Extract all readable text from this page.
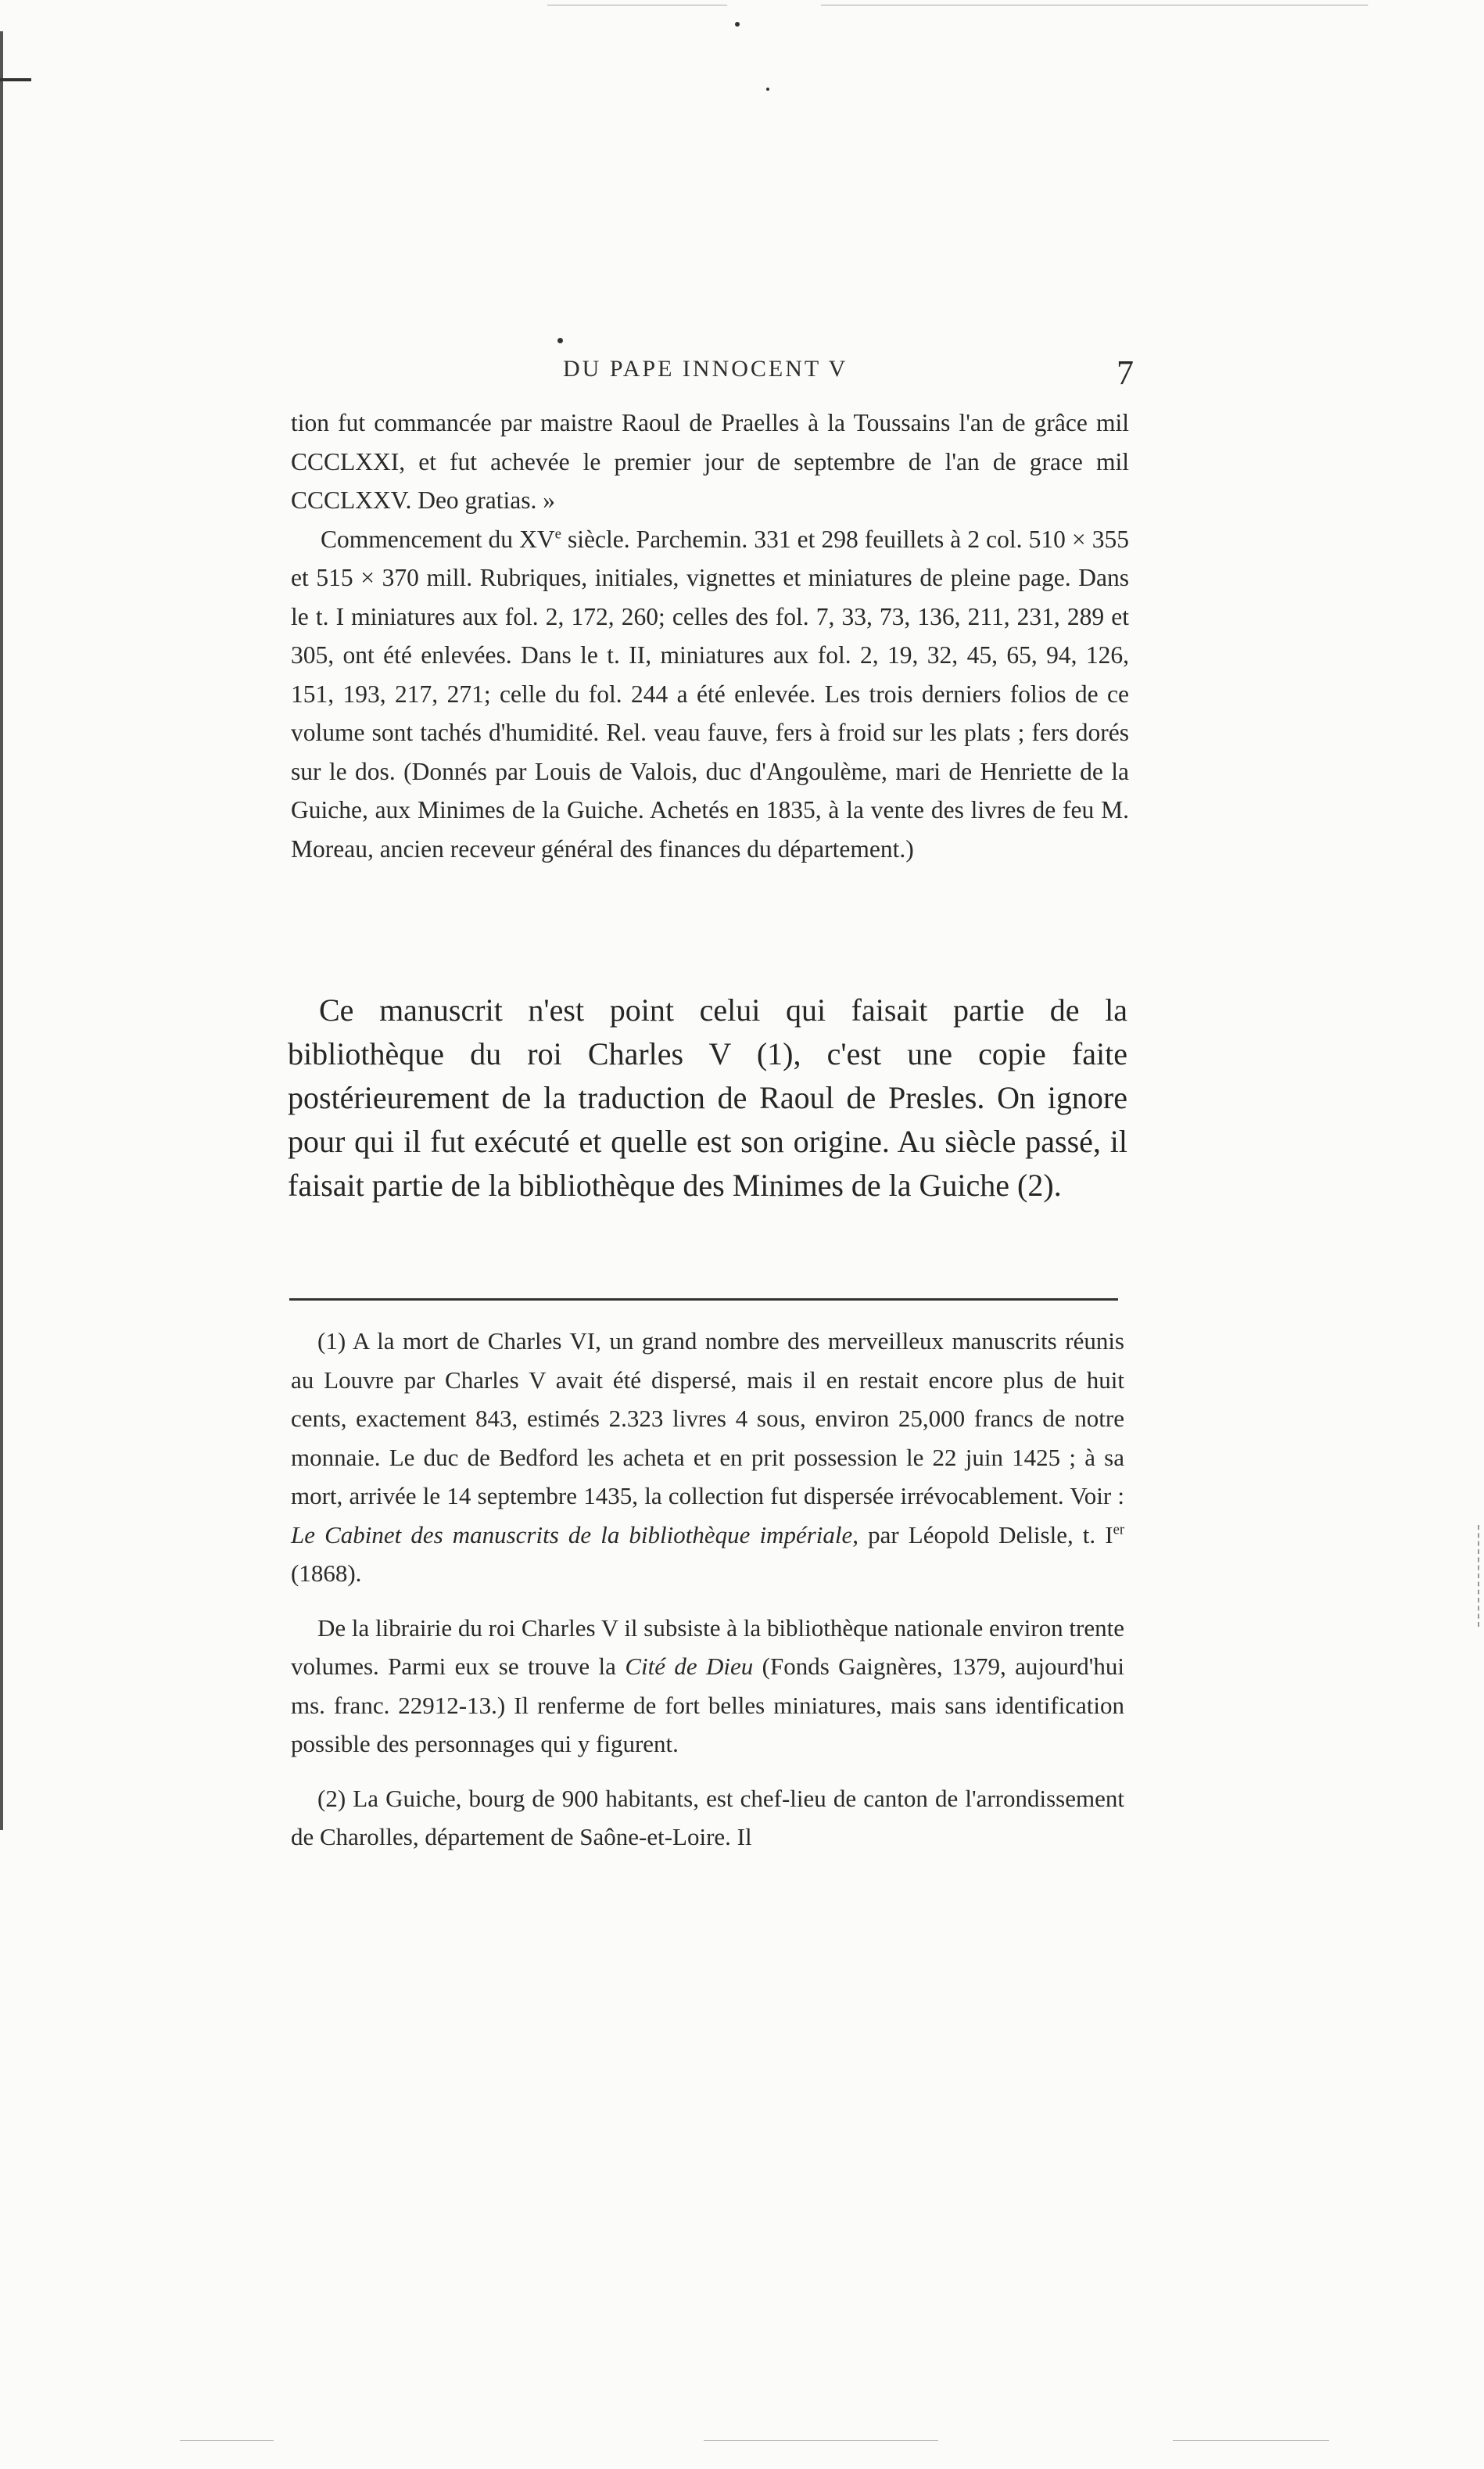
DU PAPE INNOCENT V	7

tion fut commancée par maistre Raoul de Praelles à la Toussains l'an de grâce mil CCCLXXI, et fut achevée le premier jour de septembre de l'an de grace mil CCCLXXV. Deo gratias. »

Commencement du XVe siècle. Parchemin. 331 et 298 feuillets à 2 col. 510 × 355 et 515 × 370 mill. Rubriques, initiales, vignettes et miniatures de pleine page. Dans le t. I miniatures aux fol. 2, 172, 260; celles des fol. 7, 33, 73, 136, 211, 231, 289 et 305, ont été enlevées. Dans le t. II, miniatures aux fol. 2, 19, 32, 45, 65, 94, 126, 151, 193, 217, 271; celle du fol. 244 a été enlevée. Les trois derniers folios de ce volume sont tachés d'humidité. Rel. veau fauve, fers à froid sur les plats ; fers dorés sur le dos. (Donnés par Louis de Valois, duc d'Angoulème, mari de Henriette de la Guiche, aux Minimes de la Guiche. Achetés en 1835, à la vente des livres de feu M. Moreau, ancien receveur général des finances du département.)

Ce manuscrit n'est point celui qui faisait partie de la bibliothèque du roi Charles V (1), c'est une copie faite postérieurement de la traduction de Raoul de Presles. On ignore pour qui il fut exécuté et quelle est son origine. Au siècle passé, il faisait partie de la bibliothèque des Minimes de la Guiche (2).

(1) A la mort de Charles VI, un grand nombre des merveilleux manuscrits réunis au Louvre par Charles V avait été dispersé, mais il en restait encore plus de huit cents, exactement 843, estimés 2.323 livres 4 sous, environ 25,000 francs de notre monnaie. Le duc de Bedford les acheta et en prit possession le 22 juin 1425 ; à sa mort, arrivée le 14 septembre 1435, la collection fut dispersée irrévocablement. Voir : Le Cabinet des manuscrits de la bibliothèque impériale, par Léopold Delisle, t. Ier (1868).

De la librairie du roi Charles V il subsiste à la bibliothèque nationale environ trente volumes. Parmi eux se trouve la Cité de Dieu (Fonds Gaignères, 1379, aujourd'hui ms. franc. 22912-13.) Il renferme de fort belles miniatures, mais sans identification possible des personnages qui y figurent.

(2) La Guiche, bourg de 900 habitants, est chef-lieu de canton de l'arrondissement de Charolles, département de Saône-et-Loire. Il
